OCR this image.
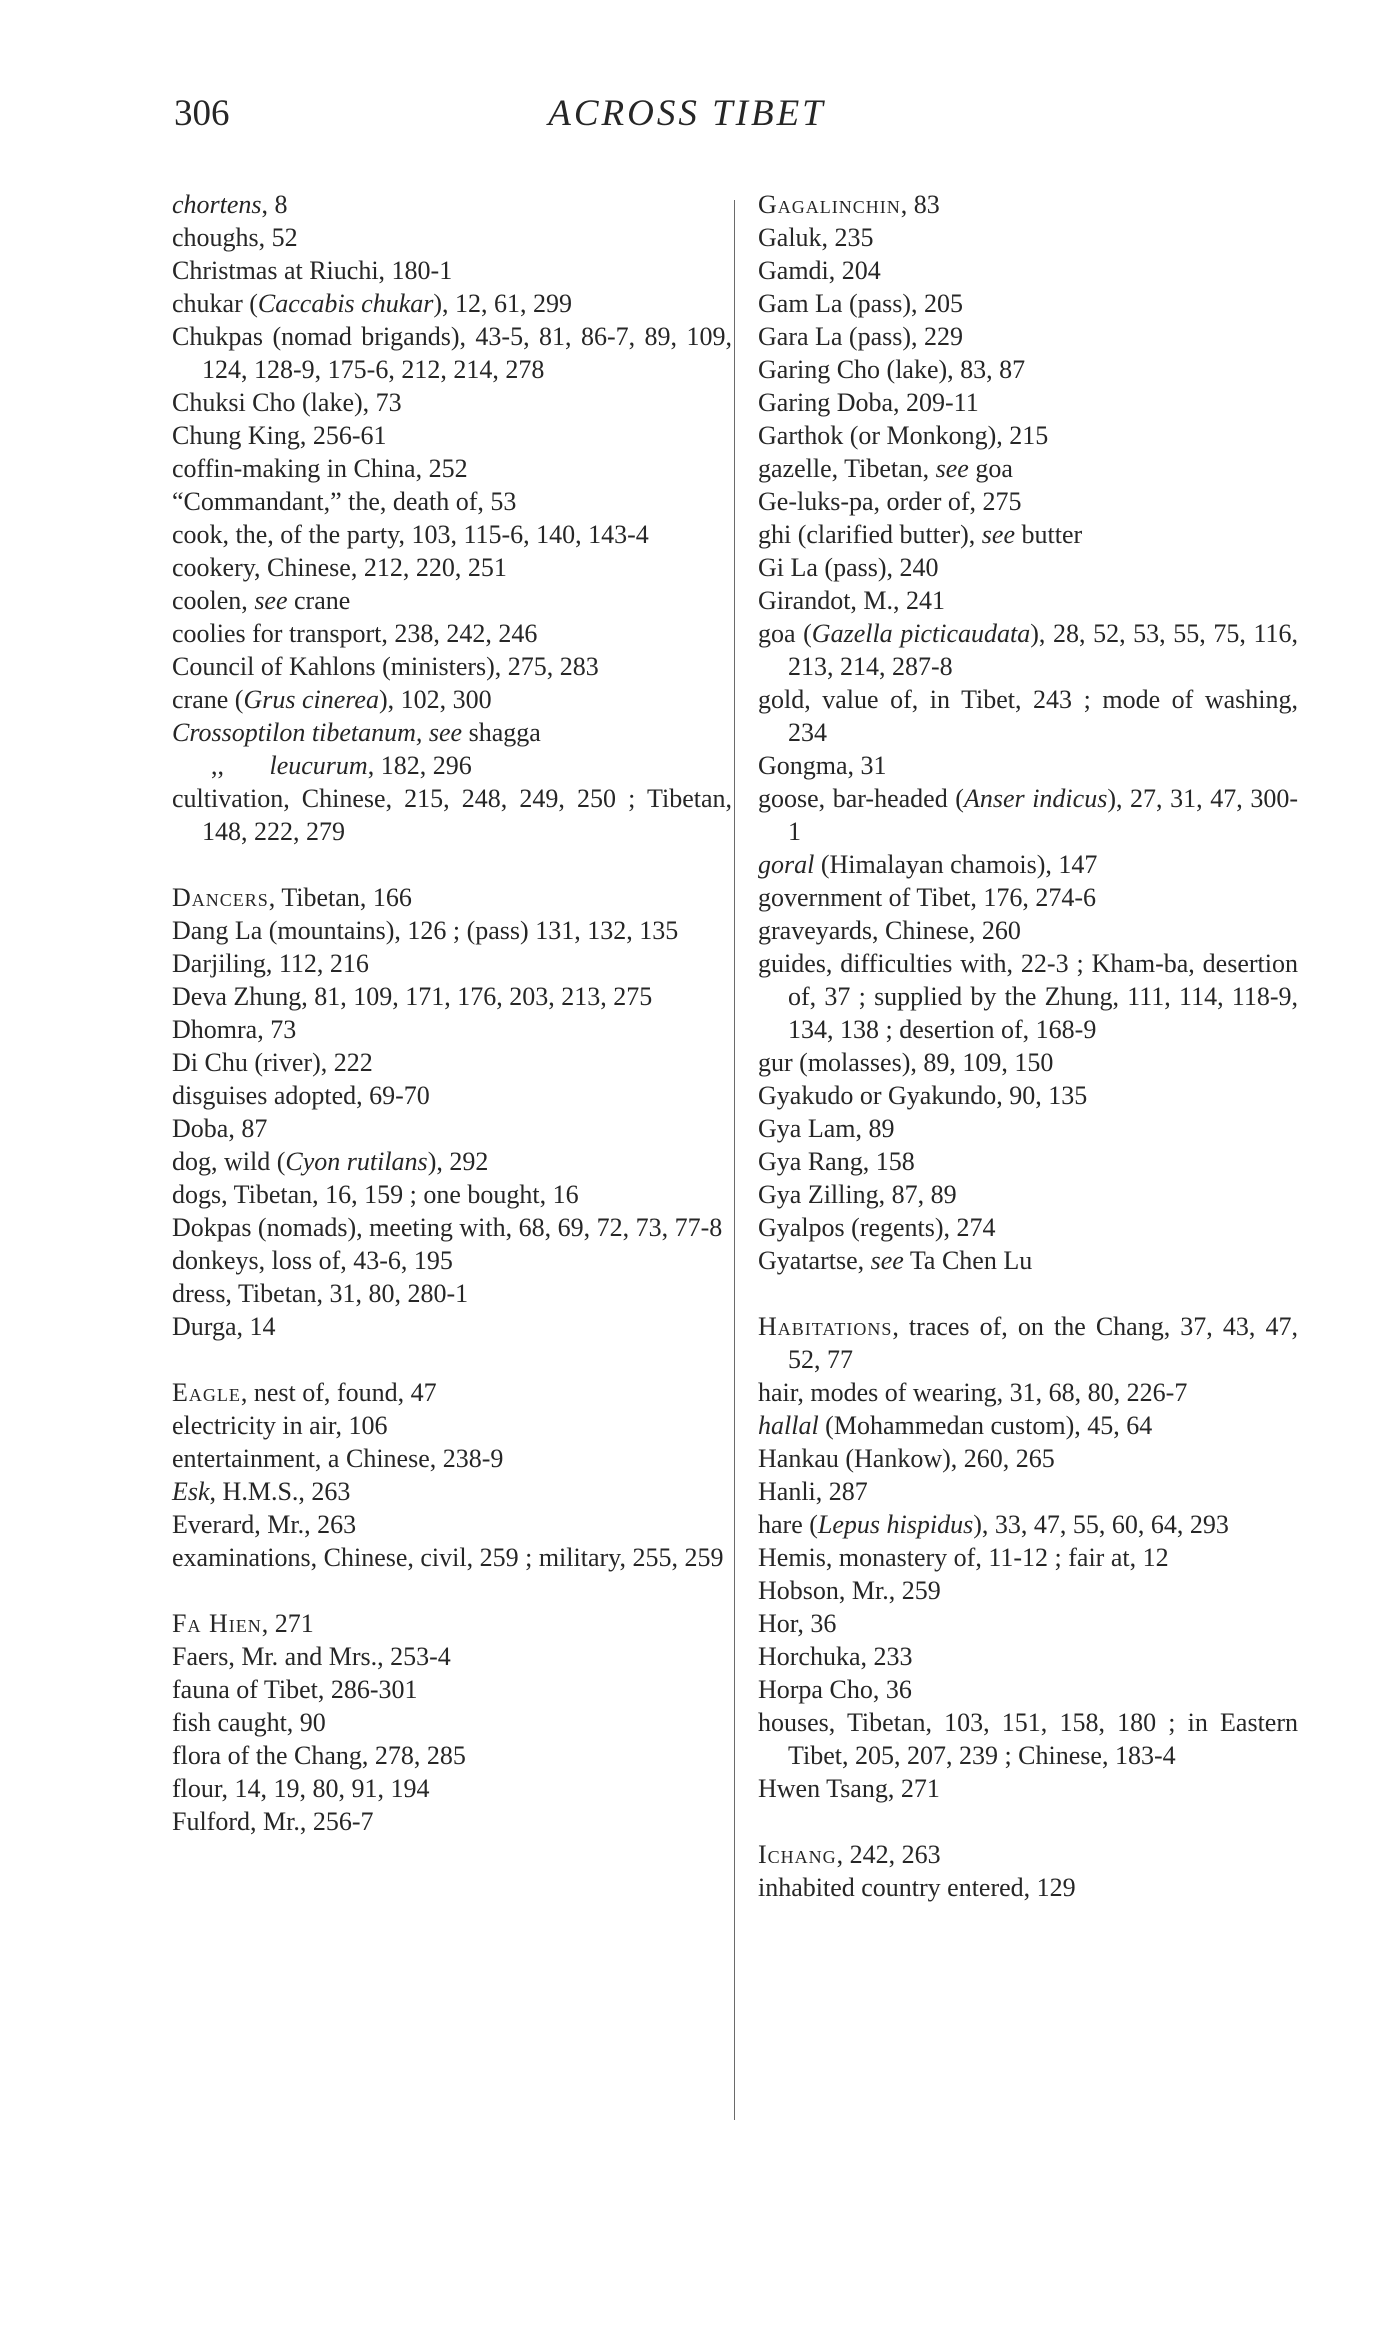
306	ACROSS TIBET
chortens, 8
choughs, 52
Christmas at Riuchi, 180-1
chukar (Caccabis chukar), 12, 61, 299
Chukpas (nomad brigands), 43-5, 81, 86-7, 89, 109, 124, 128-9, 175-6, 212, 214, 278
Chuksi Cho (lake), 73
Chung King, 256-61
coffin-making in China, 252
“Commandant,” the, death of, 53
cook, the, of the party, 103, 115-6, 140, 143-4
cookery, Chinese, 212, 220, 251
coolen, see crane
coolies for transport, 238, 242, 246
Council of Kahlons (ministers), 275, 283
crane (Grus cinerea), 102, 300
Crossoptilon tibetanum, see shagga
,,       leucurum, 182, 296
cultivation, Chinese, 215, 248, 249, 250 ; Tibetan, 148, 222, 279
Dancers, Tibetan, 166
Dang La (mountains), 126 ; (pass) 131, 132, 135
Darjiling, 112, 216
Deva Zhung, 81, 109, 171, 176, 203, 213, 275
Dhomra, 73
Di Chu (river), 222
disguises adopted, 69-70
Doba, 87
dog, wild (Cyon rutilans), 292
dogs, Tibetan, 16, 159 ; one bought, 16
Dokpas (nomads), meeting with, 68, 69, 72, 73, 77-8
donkeys, loss of, 43-6, 195
dress, Tibetan, 31, 80, 280-1
Durga, 14
Eagle, nest of, found, 47
electricity in air, 106
entertainment, a Chinese, 238-9
Esk, H.M.S., 263
Everard, Mr., 263
examinations, Chinese, civil, 259 ; military, 255, 259
Fa Hien, 271
Faers, Mr. and Mrs., 253-4
fauna of Tibet, 286-301
fish caught, 90
flora of the Chang, 278, 285
flour, 14, 19, 80, 91, 194
Fulford, Mr., 256-7
Gagalinchin, 83
Galuk, 235
Gamdi, 204
Gam La (pass), 205
Gara La (pass), 229
Garing Cho (lake), 83, 87
Garing Doba, 209-11
Garthok (or Monkong), 215
gazelle, Tibetan, see goa
Ge-luks-pa, order of, 275
ghi (clarified butter), see butter
Gi La (pass), 240
Girandot, M., 241
goa (Gazella picticaudata), 28, 52, 53, 55, 75, 116, 213, 214, 287-8
gold, value of, in Tibet, 243 ; mode of washing, 234
Gongma, 31
goose, bar-headed (Anser indicus), 27, 31, 47, 300-1
goral (Himalayan chamois), 147
government of Tibet, 176, 274-6
graveyards, Chinese, 260
guides, difficulties with, 22-3 ; Kham-ba, desertion of, 37 ; supplied by the Zhung, 111, 114, 118-9, 134, 138 ; desertion of, 168-9
gur (molasses), 89, 109, 150
Gyakudo or Gyakundo, 90, 135
Gya Lam, 89
Gya Rang, 158
Gya Zilling, 87, 89
Gyalpos (regents), 274
Gyatartse, see Ta Chen Lu
Habitations, traces of, on the Chang, 37, 43, 47, 52, 77
hair, modes of wearing, 31, 68, 80, 226-7
hallal (Mohammedan custom), 45, 64
Hankau (Hankow), 260, 265
Hanli, 287
hare (Lepus hispidus), 33, 47, 55, 60, 64, 293
Hemis, monastery of, 11-12 ; fair at, 12
Hobson, Mr., 259
Hor, 36
Horchuka, 233
Horpa Cho, 36
houses, Tibetan, 103, 151, 158, 180 ; in Eastern Tibet, 205, 207, 239 ; Chinese, 183-4
Hwen Tsang, 271
Ichang, 242, 263
inhabited country entered, 129
